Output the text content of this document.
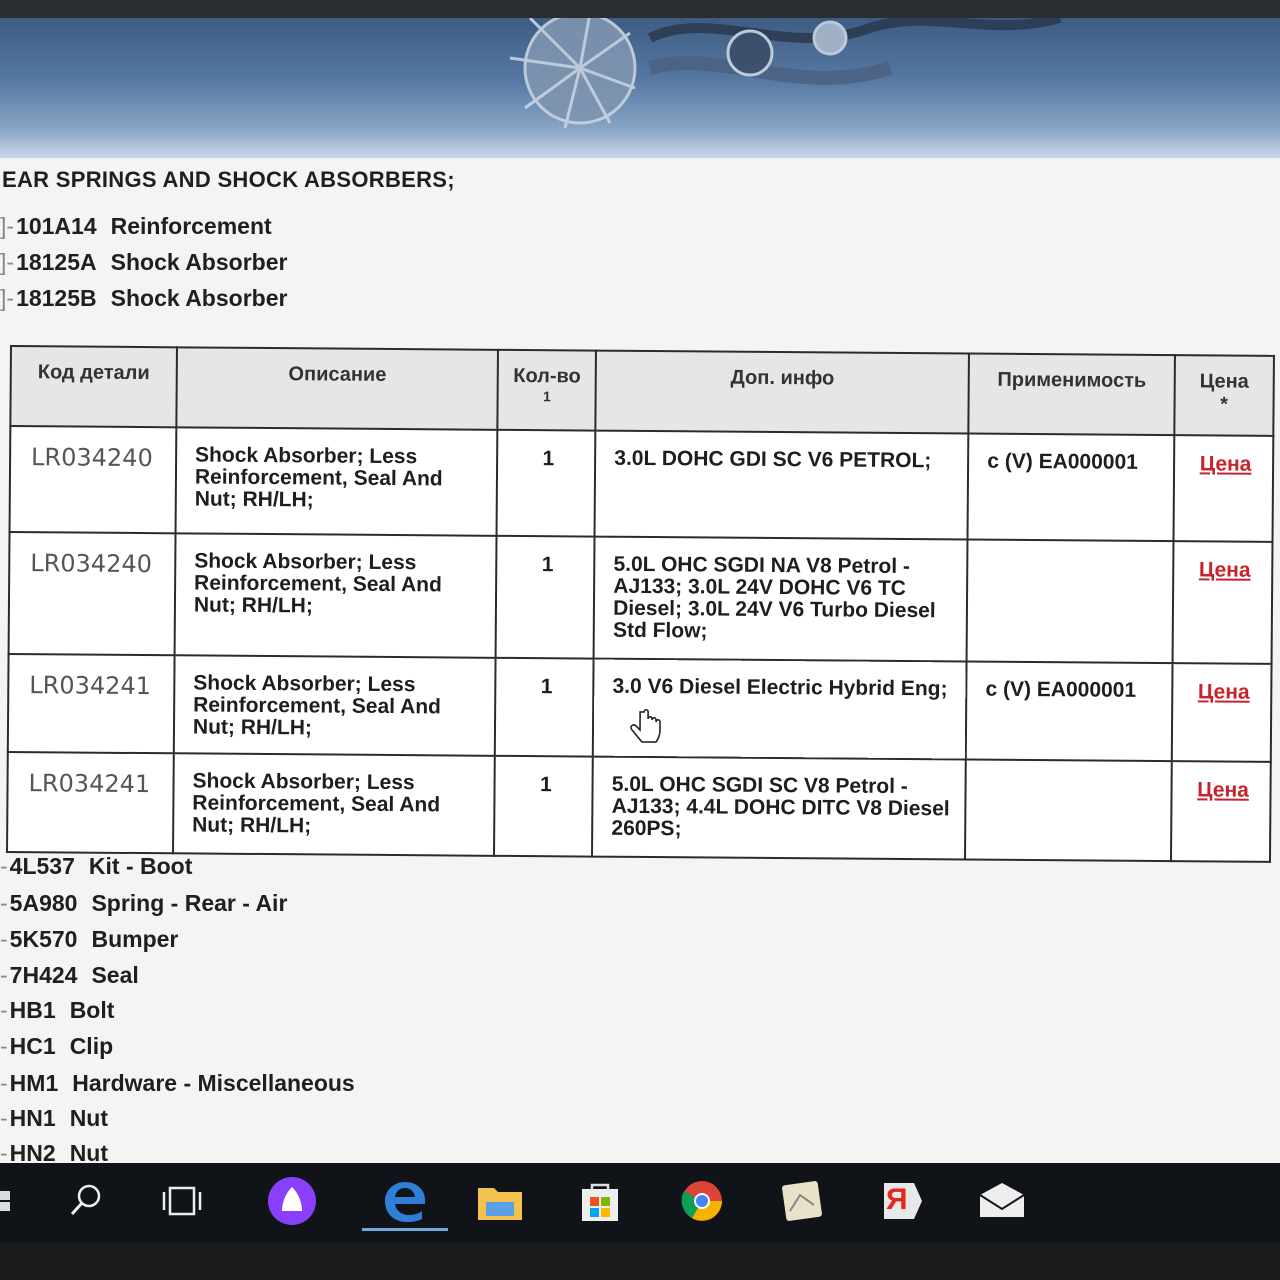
EAR SPRINGS AND SHOCK ABSORBERS;
]-101A14 Reinforcement
]-18125A Shock Absorber
]-18125B Shock Absorber
Код детали	Описание	Кол-во $^1$	Доп. инфо	Применимость	Цена
*
LR034240	Shock Absorber; Less Reinforcement, Seal And Nut; RH/LH;	1	3.0L DOHC GDI SC V6 PETROL;	c (V) EA000001	Цена
LR034240	Shock Absorber; Less Reinforcement, Seal And Nut; RH/LH;	1	5.0L OHC SGDI NA V8 Petrol - AJ133; 3.0L 24V DOHC V6 TC Diesel; 3.0L 24V V6 Turbo Diesel Std Flow;		Цена
LR034241	Shock Absorber; Less Reinforcement, Seal And Nut; RH/LH;	1	3.0 V6 Diesel Electric Hybrid Eng;	c (V) EA000001	Цена
LR034241	Shock Absorber; Less Reinforcement, Seal And Nut; RH/LH;	1	5.0L OHC SGDI SC V8 Petrol - AJ133; 4.4L DOHC DITC V8 Diesel 260PS;		Цена
-4L537 Kit - Boot
-5A980 Spring - Rear - Air
-5K570 Bumper
-7H424 Seal
-HB1 Bolt
-HC1 Clip
-HM1 Hardware - Miscellaneous
-HN1 Nut
-HN2 Nut
Я
